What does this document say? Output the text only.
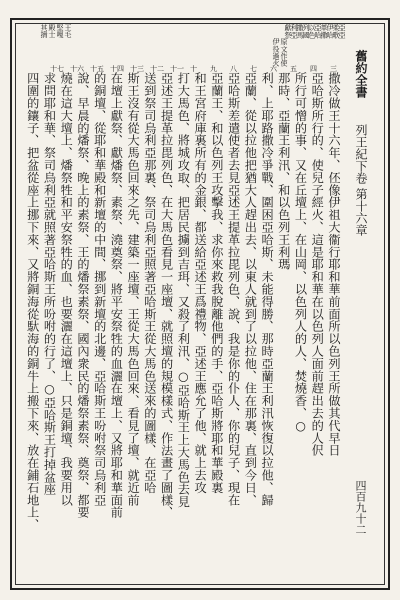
舊約全書
列王紀下卷
第十六章
四百九十二
撒冷做王十六年、伾像伊祖大衞行耶和華前面所以色列王所做其代早日
亞哈斯所行的、使兒子經火、這是耶和華在以色列人面前趕出去的人伬
所行可憎的事、又在丘壇上、在山岡、以色列人的人、焚燒香、○
那時、亞蘭王利汛、和以色列王利瑪
利、上耶路撒冷爭戰、圍困亞哈斯、未能得勝、那時亞蘭王利汛恢復以拉他、歸
亞蘭、從以拉他把猶大人趕出去、以東人就到了以拉他、住在那裏、直到今日、
亞哈斯差遣使者去見亞述王提革拉毘列色、說、我是你的仆人、你的兒子、現在
亞蘭王、和以色列王攻擊我、求你來救我脫離他們的手、亞哈斯將耶和華殿裏
和王宮府庫裏所有的金銀、都送給亞述王爲禮物、亞述王應允了他、就上去攻
打大馬色、將城攻取、把居民擄到吉珥、又殺了利汛、○亞哈斯王上大馬色去見
亞述王提革拉毘列色、在大馬色看見一座壇、就照壇的規模樣式、作法畫了圖樣、
送到祭司烏利亞那裏、祭司烏利亞照著亞哈斯王從大馬色送來的圖樣、在亞哈
斯王沒有從大馬色回來之先、建築一座壇、王從大馬色回來、看見了壇、就近前
在壇上獻祭、獻燔祭、素祭、澆奠祭、將平安祭牲的血灑在壇上、又將耶和華面前
的銅壇、從耶和華殿和新壇的中間、挪到新壇的北邊、亞哈斯王吩咐祭司烏利亞
說、早晨的燔祭、晚上的素祭、王的燔祭素祭、國內衆民的燔祭素祭、奠祭、都要
燒在這大壇上、燔祭牲和平安祭牲的血、也要灑在這壇上、只是銅壇、我要用以
求問耶和華、祭司烏利亞就照著亞哈斯王所吩咐的行了、○亞哈斯王打掉盆座
四圍的鑲子、把盆從座上挪下來、又將銅海從馱海的銅牛上搬下來、放在鋪石地上、
亞亞
柔歌
伊哈
革撒
亞哈
以色
列國
撒馬
利亞
獻祭
原文作使
伊役過火
王毛
堅嘎
殿士
其搚
三
四
五
六
七
八
九
十
十一
十二
十三
十四
十五
十六
十七
